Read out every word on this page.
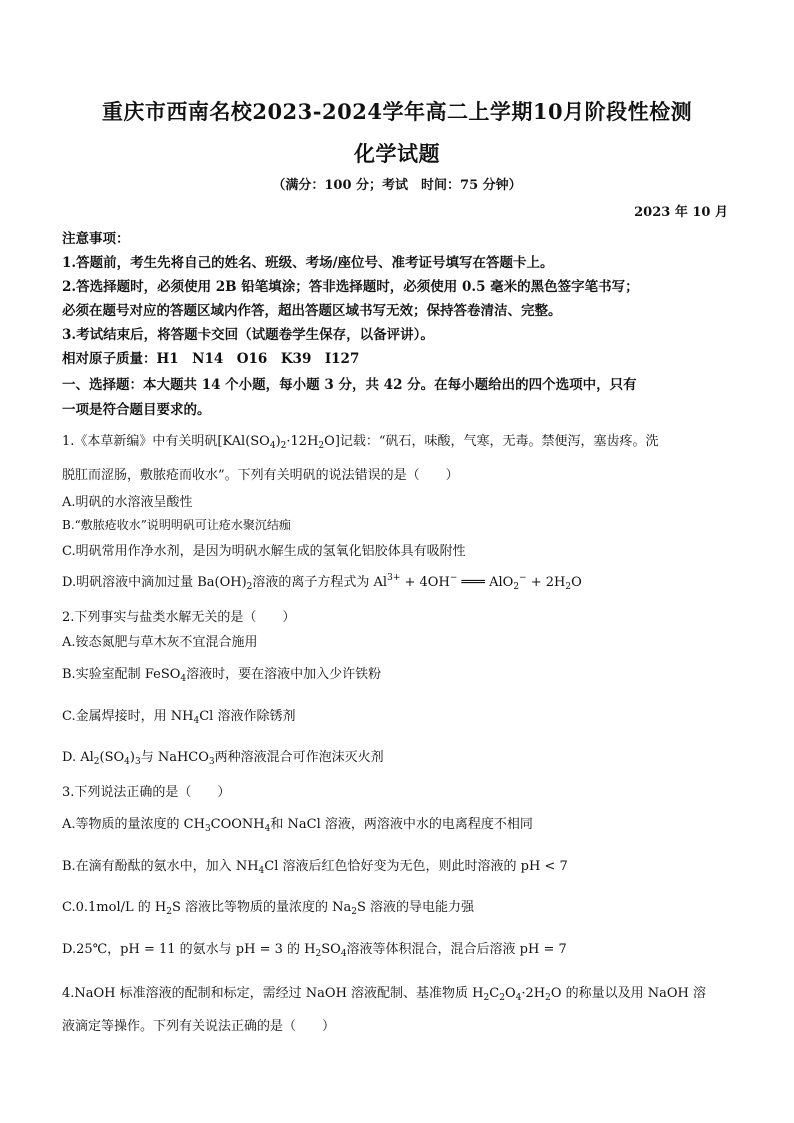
重庆市西南名校2023-2024学年高二上学期10月阶段性检测
化学试题
（满分：100 分；考试　时间：75 分钟）
2023 年 10 月
注意事项：
1.答题前，考生先将自己的姓名、班级、考场/座位号、准考证号填写在答题卡上。
2.答选择题时，必须使用 2B 铅笔填涂；答非选择题时，必须使用 0.5 毫米的黑色签字笔书写；
必须在题号对应的答题区域内作答，超出答题区域书写无效；保持答卷清洁、完整。
3.考试结束后，将答题卡交回（试题卷学生保存，以备评讲）。
相对原子质量：H1　N14　O16　K39　I127
一、选择题：本大题共 14 个小题，每小题 3 分，共 42 分。在每小题给出的四个选项中，只有
一项是符合题目要求的。
1.《本草新编》中有关明矾$[KAl(SO_4)_2\cdot 12H_2O]$记载：“矾石，味酸，气寒，无毒。禁便泻，塞齿疼。洗
脱肛而涩肠，敷脓疮而收水”。下列有关明矾的说法错误的是（　　）
A.明矾的水溶液呈酸性
B.“敷脓疮收水”说明明矾可让疮水聚沉结痂
C.明矾常用作净水剂，是因为明矾水解生成的氢氧化铝胶体具有吸附性
D.明矾溶液中滴加过量 $Ba(OH)_2$溶液的离子方程式为 $Al^{3+} + 4OH^-$ ═══ $AlO_2^- + 2H_2O$
2.下列事实与盐类水解无关的是（　　）
A.铵态氮肥与草木灰不宜混合施用
B.实验室配制 FeSO$_4$溶液时，要在溶液中加入少许铁粉
C.金属焊接时，用 $NH_4Cl$ 溶液作除锈剂
D. $Al_2(SO_4)_3$与 NaHCO$_3$两种溶液混合可作泡沫灭火剂
3.下列说法正确的是（　　）
A.等物质的量浓度的 $CH_3COONH_4$和 NaCl 溶液，两溶液中水的电离程度不相同
B.在滴有酚酞的氨水中，加入 $NH_4Cl$ 溶液后红色恰好变为无色，则此时溶液的 pH < 7
C.0.1mol/L 的 $H_2S$ 溶液比等物质的量浓度的 $Na_2S$ 溶液的导电能力强
D.25℃，pH = 11 的氨水与 pH = 3 的 $H_2SO_4$溶液等体积混合，混合后溶液 pH = 7
4.NaOH 标准溶液的配制和标定，需经过 NaOH 溶液配制、基准物质 $H_2C_2O_4\cdot 2H_2O$ 的称量以及用 NaOH 溶
液滴定等操作。下列有关说法正确的是（　　）
